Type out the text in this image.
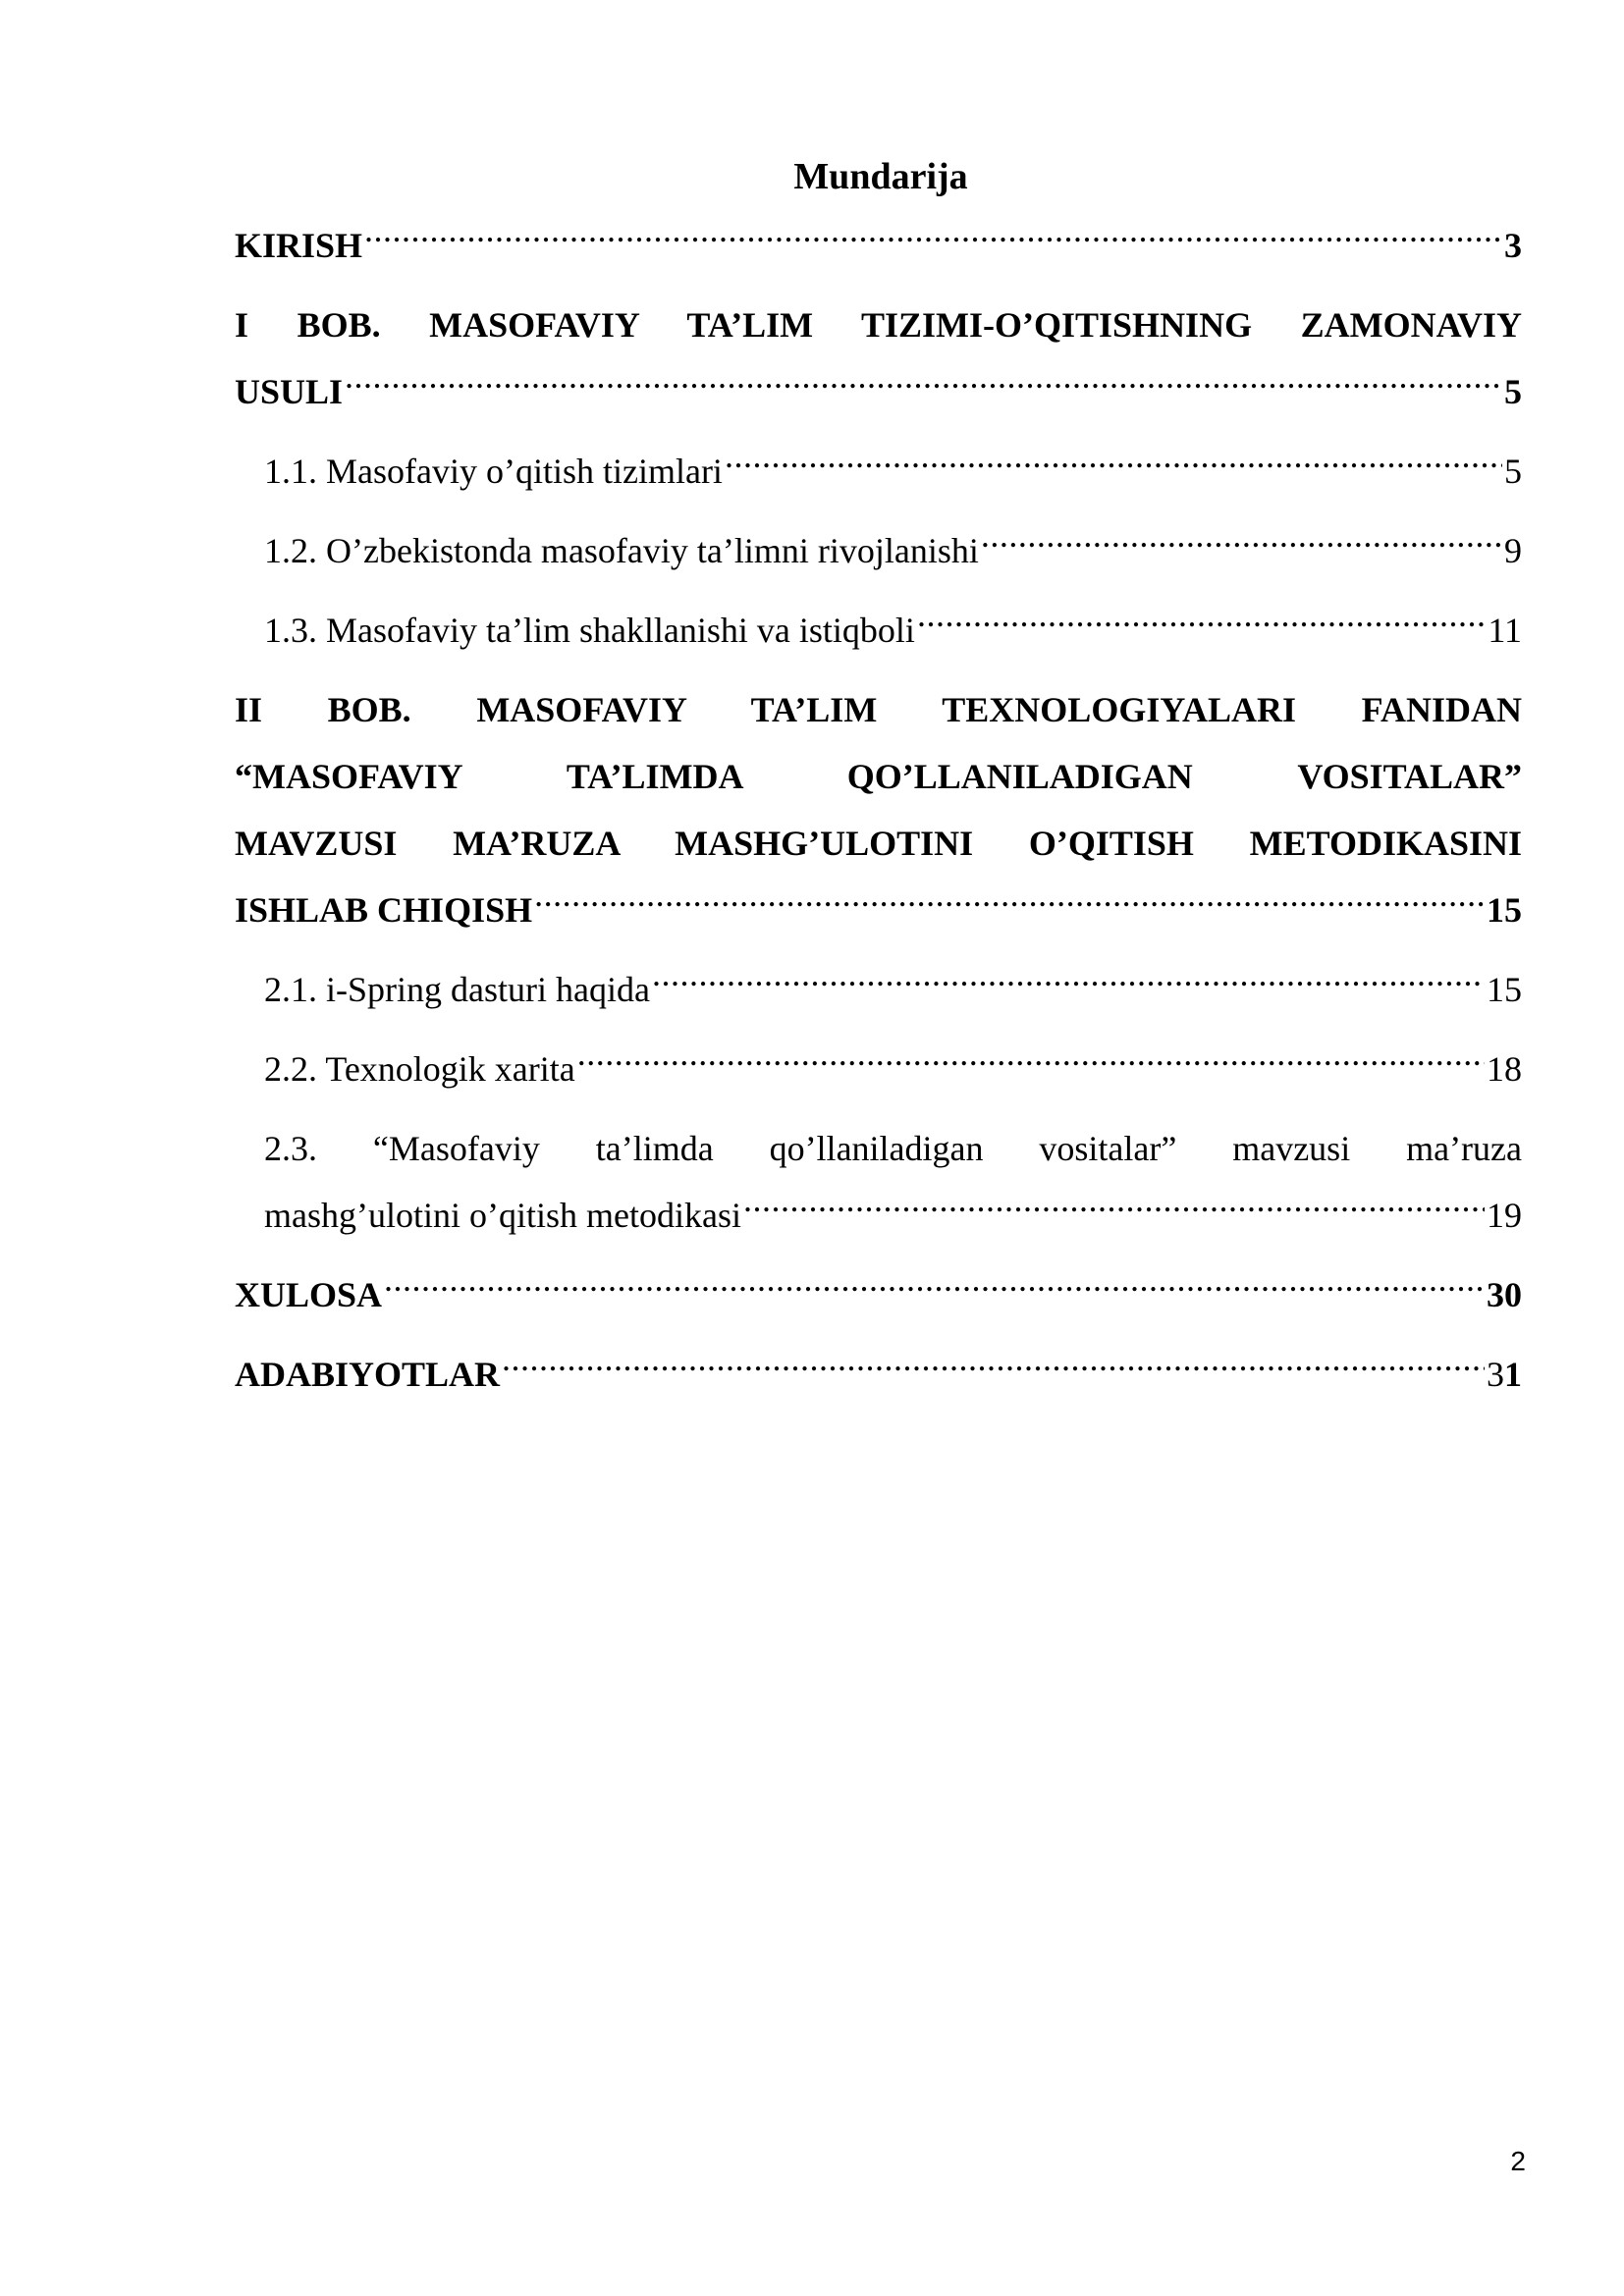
Mundarija
KIRISH .....	3
I BOB. MASOFAVIY TA’LIM TIZIMI-O’QITISHNING ZAMONAVIY
USULI .....	5
1.1. Masofaviy o’qitish tizimlari .....	5
1.2. O’zbekistonda masofaviy ta’limni rivojlanishi .....	9
1.3. Masofaviy ta’lim shakllanishi va istiqboli .....	11
II BOB. MASOFAVIY TA’LIM TEXNOLOGIYALARI FANIDAN
“MASOFAVIY TA’LIMDA QO’LLANILADIGAN VOSITALAR”
MAVZUSI MA’RUZA MASHG’ULOTINI O’QITISH METODIKASINI
ISHLAB CHIQISH .....	15
2.1. i-Spring dasturi haqida .....	15
2.2. Texnologik xarita .....	18
2.3. “Masofaviy ta’limda qo’llaniladigan vositalar” mavzusi ma’ruza
mashg’ulotini o’qitish metodikasi .....	19
XULOSA .....	30
ADABIYOTLAR .....	31
2
